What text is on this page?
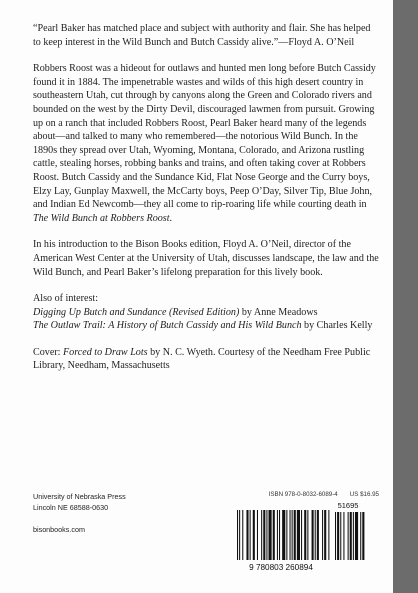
“Pearl Baker has matched place and subject with authority and flair. She has helped to keep interest in the Wild Bunch and Butch Cassidy alive.”—Floyd A. O’Neil

Robbers Roost was a hideout for outlaws and hunted men long before Butch Cassidy found it in 1884. The impenetrable wastes and wilds of this high desert country in southeastern Utah, cut through by canyons along the Green and Colorado rivers and bounded on the west by the Dirty Devil, discouraged lawmen from pursuit. Growing up on a ranch that included Robbers Roost, Pearl Baker heard many of the legends about—and talked to many who remembered—the notorious Wild Bunch. In the 1890s they spread over Utah, Wyoming, Montana, Colorado, and Arizona rustling cattle, stealing horses, robbing banks and trains, and often taking cover at Robbers Roost. Butch Cassidy and the Sundance Kid, Flat Nose George and the Curry boys, Elzy Lay, Gunplay Maxwell, the McCarty boys, Peep O’Day, Silver Tip, Blue John, and Indian Ed Newcomb—they all come to rip-roaring life while courting death in The Wild Bunch at Robbers Roost.

In his introduction to the Bison Books edition, Floyd A. O’Neil, director of the American West Center at the University of Utah, discusses landscape, the law and the Wild Bunch, and Pearl Baker’s lifelong preparation for this lively book.

Also of interest:

Digging Up Butch and Sundance (Revised Edition) by Anne Meadows

The Outlaw Trail: A History of Butch Cassidy and His Wild Bunch by Charles Kelly

Cover: Forced to Draw Lots by N. C. Wyeth. Courtesy of the Needham Free Public Library, Needham, Massachusetts

University of Nebraska Press
Lincoln NE 68588-0630
bisonbooks.com
ISBN 978-0-8032-6089-4 US $16.95
51695
9 780803 260894
